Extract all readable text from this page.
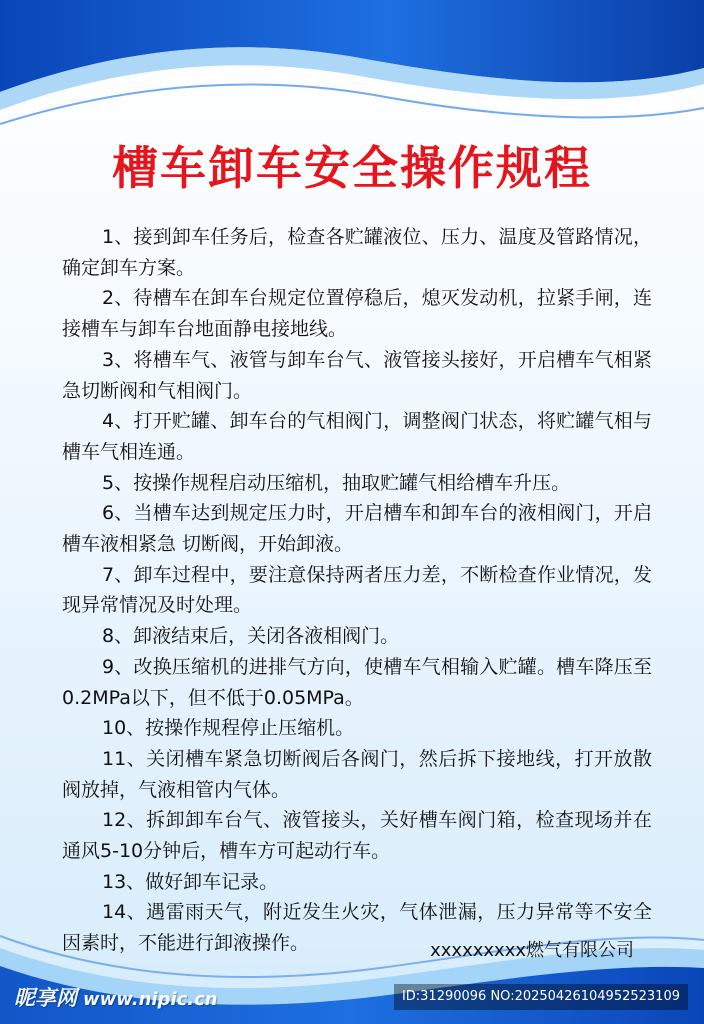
槽车卸车安全操作规程
1、接到卸车任务后，检查各贮罐液位、压力、温度及管路情况，确定卸车方案。
2、待槽车在卸车台规定位置停稳后，熄灭发动机，拉紧手闸，连接槽车与卸车台地面静电接地线。
3、将槽车气、液管与卸车台气、液管接头接好，开启槽车气相紧急切断阀和气相阀门。
4、打开贮罐、卸车台的气相阀门，调整阀门状态，将贮罐气相与槽车气相连通。
5、按操作规程启动压缩机，抽取贮罐气相给槽车升压。
6、当槽车达到规定压力时，开启槽车和卸车台的液相阀门，开启槽车液相紧急 切断阀，开始卸液。
7、卸车过程中，要注意保持两者压力差，不断检查作业情况，发现异常情况及时处理。
8、卸液结束后，关闭各液相阀门。
9、改换压缩机的进排气方向，使槽车气相输入贮罐。槽车降压至0.2MPa以下，但不低于0.05MPa。
10、按操作规程停止压缩机。
11、关闭槽车紧急切断阀后各阀门，然后拆下接地线，打开放散阀放掉，气液相管内气体。
12、拆卸卸车台气、液管接头，关好槽车阀门箱，检查现场并在通风5-10分钟后，槽车方可起动行车。
13、做好卸车记录。
14、遇雷雨天气，附近发生火灾，气体泄漏，压力异常等不安全因素时，不能进行卸液操作。	xxxxxxxxx燃气有限公司
昵享网 www.nipic.cn	ID:31290096 NO:20250426104952523109
